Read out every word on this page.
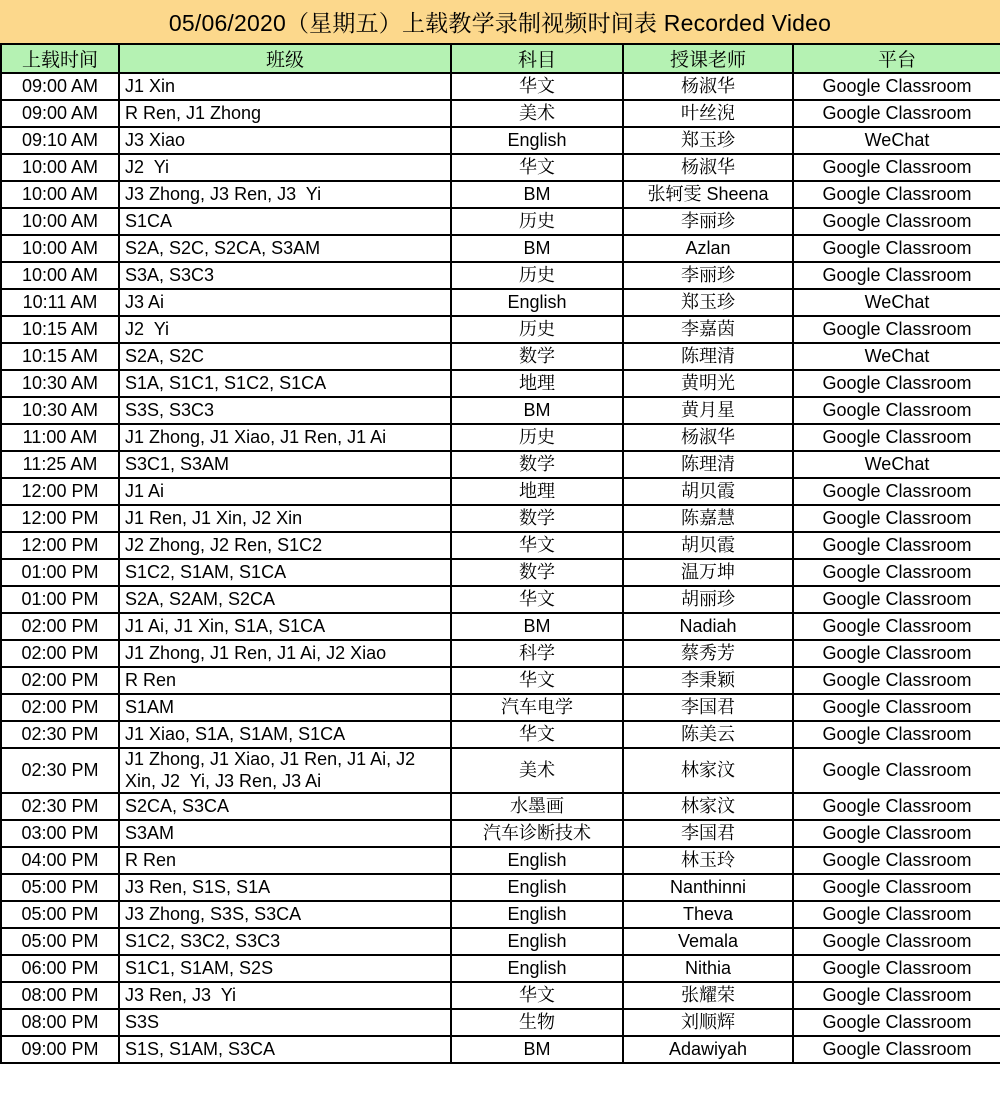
05/06/2020（星期五）上载教学录制视频时间表 Recorded Video
上载时间	班级	科目	授课老师	平台
09:00 AM	J1 Xin	华文	杨淑华	Google Classroom
09:00 AM	R Ren, J1 Zhong	美术	叶丝淣	Google Classroom
09:10 AM	J3 Xiao	English	郑玉珍	WeChat
10:00 AM	J2  Yi	华文	杨淑华	Google Classroom
10:00 AM	J3 Zhong, J3 Ren, J3  Yi	BM	张轲雯 Sheena	Google Classroom
10:00 AM	S1CA	历史	李丽珍	Google Classroom
10:00 AM	S2A, S2C, S2CA, S3AM	BM	Azlan	Google Classroom
10:00 AM	S3A, S3C3	历史	李丽珍	Google Classroom
10:11 AM	J3 Ai	English	郑玉珍	WeChat
10:15 AM	J2  Yi	历史	李嘉茵	Google Classroom
10:15 AM	S2A, S2C	数学	陈理清	WeChat
10:30 AM	S1A, S1C1, S1C2, S1CA	地理	黄明光	Google Classroom
10:30 AM	S3S, S3C3	BM	黄月星	Google Classroom
11:00 AM	J1 Zhong, J1 Xiao, J1 Ren, J1 Ai	历史	杨淑华	Google Classroom
11:25 AM	S3C1, S3AM	数学	陈理清	WeChat
12:00 PM	J1 Ai	地理	胡贝霞	Google Classroom
12:00 PM	J1 Ren, J1 Xin, J2 Xin	数学	陈嘉慧	Google Classroom
12:00 PM	J2 Zhong, J2 Ren, S1C2	华文	胡贝霞	Google Classroom
01:00 PM	S1C2, S1AM, S1CA	数学	温万坤	Google Classroom
01:00 PM	S2A, S2AM, S2CA	华文	胡丽珍	Google Classroom
02:00 PM	J1 Ai, J1 Xin, S1A, S1CA	BM	Nadiah	Google Classroom
02:00 PM	J1 Zhong, J1 Ren, J1 Ai, J2 Xiao	科学	蔡秀芳	Google Classroom
02:00 PM	R Ren	华文	李秉颖	Google Classroom
02:00 PM	S1AM	汽车电学	李国君	Google Classroom
02:30 PM	J1 Xiao, S1A, S1AM, S1CA	华文	陈美云	Google Classroom
02:30 PM	J1 Zhong, J1 Xiao, J1 Ren, J1 Ai, J2 Xin, J2  Yi, J3 Ren, J3 Ai	美术	林家汶	Google Classroom
02:30 PM	S2CA, S3CA	水墨画	林家汶	Google Classroom
03:00 PM	S3AM	汽车诊断技术	李国君	Google Classroom
04:00 PM	R Ren	English	林玉玲	Google Classroom
05:00 PM	J3 Ren, S1S, S1A	English	Nanthinni	Google Classroom
05:00 PM	J3 Zhong, S3S, S3CA	English	Theva	Google Classroom
05:00 PM	S1C2, S3C2, S3C3	English	Vemala	Google Classroom
06:00 PM	S1C1, S1AM, S2S	English	Nithia	Google Classroom
08:00 PM	J3 Ren, J3  Yi	华文	张耀荣	Google Classroom
08:00 PM	S3S	生物	刘顺辉	Google Classroom
09:00 PM	S1S, S1AM, S3CA	BM	Adawiyah	Google Classroom
